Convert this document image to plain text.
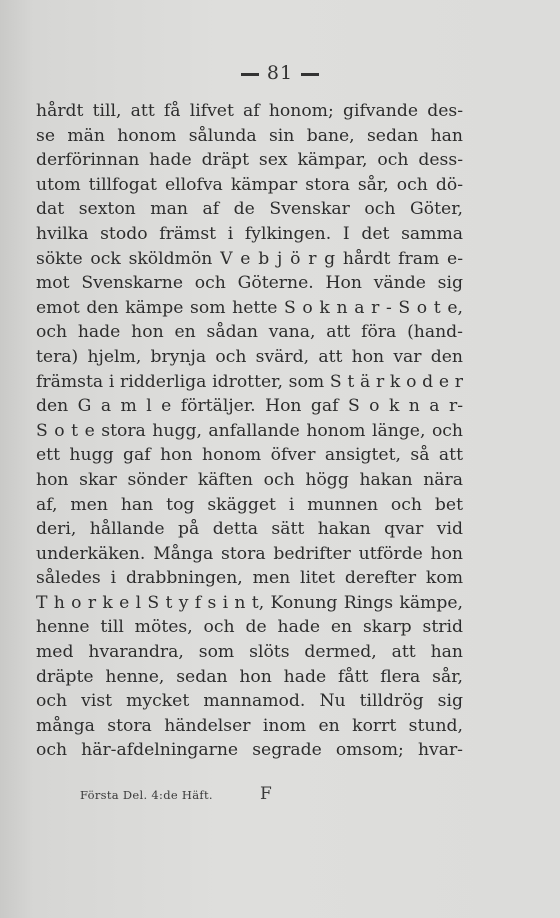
81
hårdt till, att få lifvet af honom; gifvande des-
se män honom sålunda sin bane, sedan han
derförinnan hade dräpt sex kämpar, och dess-
utom tillfogat ellofva kämpar stora sår, och dö-
dat sexton man af de Svenskar och Göter,
hvilka stodo främst i fylkingen. I det samma
sökte ock sköldmön V e b j ö r g hårdt fram e-
mot Svenskarne och Göterne. Hon vände sig
emot den kämpe som hette S o k n a r - S o t e,
och hade hon en sådan vana, att föra (hand-
tera) hjelm, brynja och svärd, att hon var den
främsta i ridderliga idrotter, som S t ä r k o d e r
den G a m l e förtäljer. Hon gaf S o k n a r-
S o t e stora hugg, anfallande honom länge, och
ett hugg gaf hon honom öfver ansigtet, så att
hon skar sönder käften och högg hakan nära
af, men han tog skägget i munnen och bet
deri, hållande på detta sätt hakan qvar vid
underkäken. Många stora bedrifter utförde hon
således i drabbningen, men litet derefter kom
T h o r k e l S t y f s i n t, Konung Rings kämpe,
henne till mötes, och de hade en skarp strid
med hvarandra, som slöts dermed, att han
dräpte henne, sedan hon hade fått flera sår,
och vist mycket mannamod. Nu tilldrög sig
många stora händelser inom en korrt stund,
och här-afdelningarne segrade omsom; hvar-
Första Del. 4:de Häft.	F
